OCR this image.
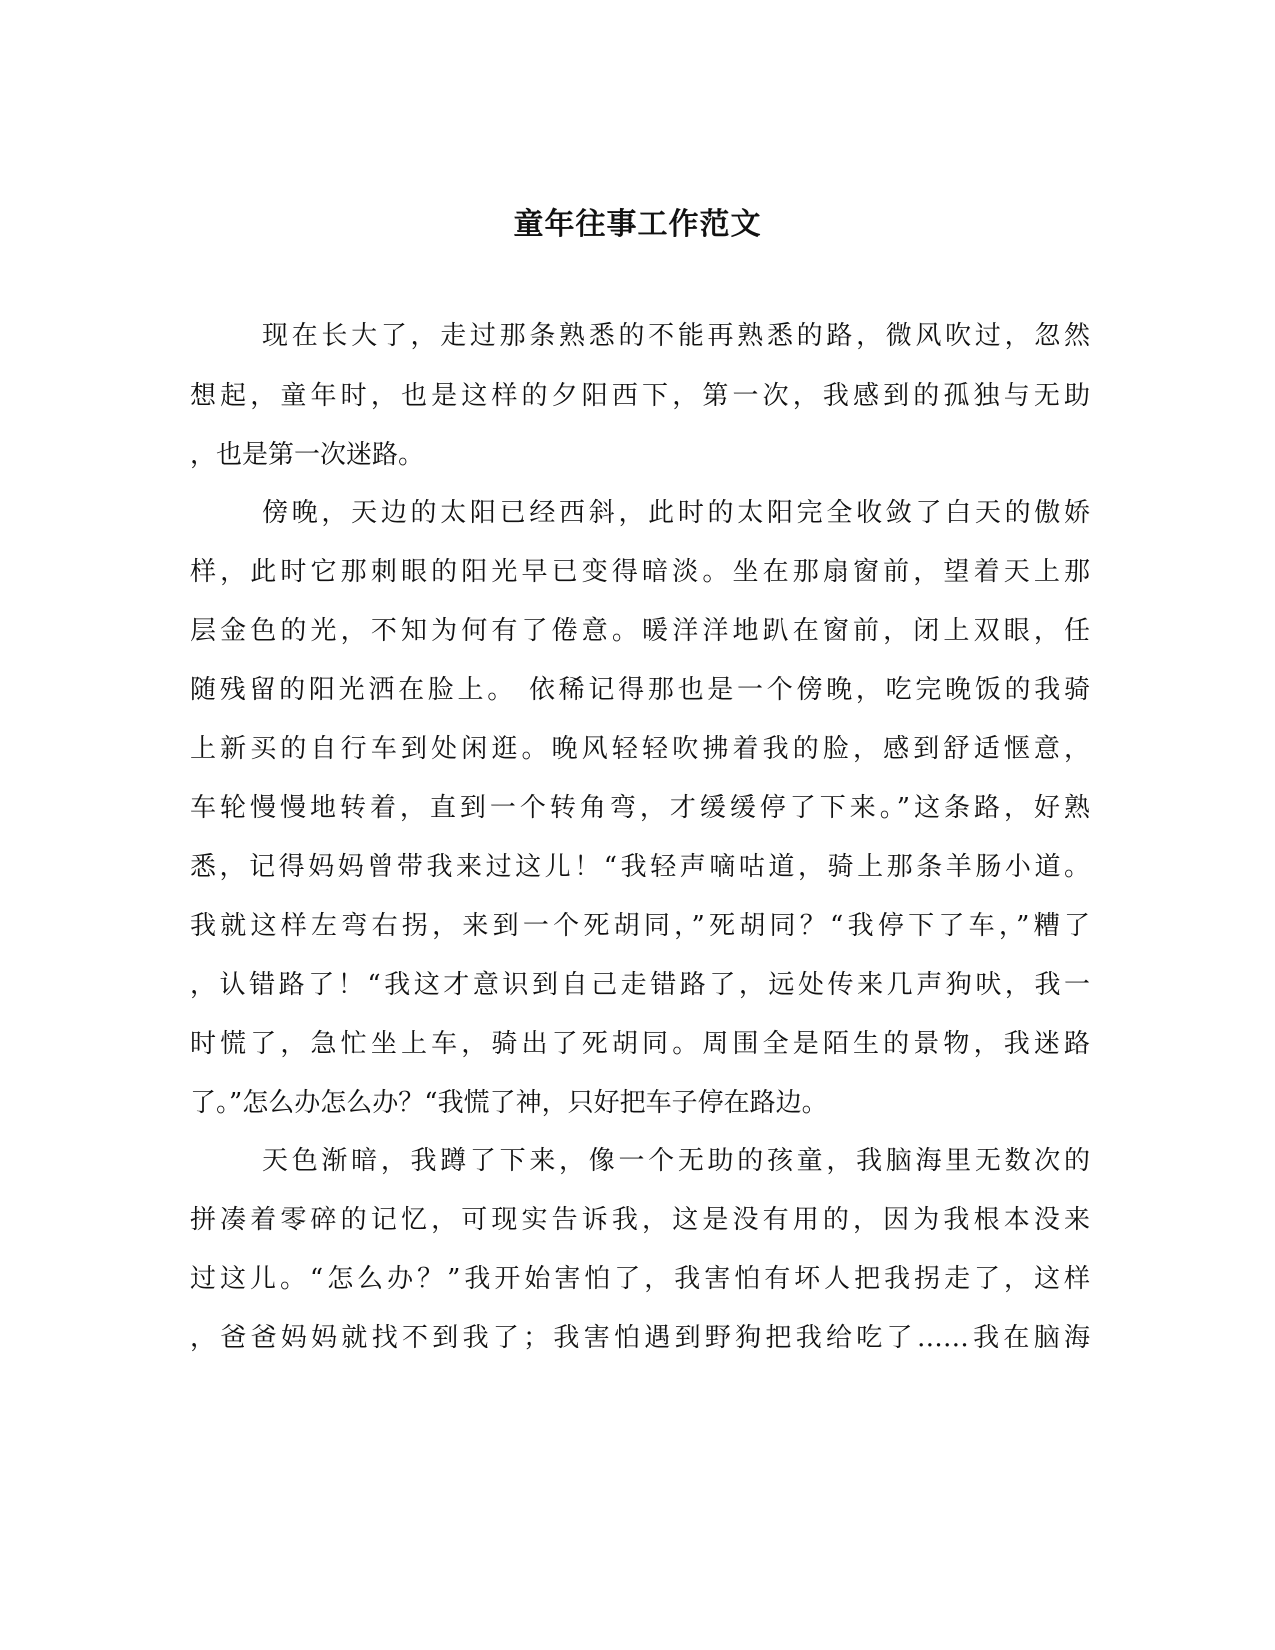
童年往事工作范文

现在长大了，走过那条熟悉的不能再熟悉的路，微风吹过，忽然

想起，童年时，也是这样的夕阳西下，第一次，我感到的孤独与无助

，也是第一次迷路。

傍晚，天边的太阳已经西斜，此时的太阳完全收敛了白天的傲娇

样，此时它那刺眼的阳光早已变得暗淡。坐在那扇窗前，望着天上那

层金色的光，不知为何有了倦意。暖洋洋地趴在窗前，闭上双眼，任

随残留的阳光洒在脸上。 依稀记得那也是一个傍晚，吃完晚饭的我骑

上新买的自行车到处闲逛。晚风轻轻吹拂着我的脸，感到舒适惬意，

车轮慢慢地转着，直到一个转角弯，才缓缓停了下来。”这条路，好熟

悉，记得妈妈曾带我来过这儿！“我轻声嘀咕道，骑上那条羊肠小道。

我就这样左弯右拐，来到一个死胡同，”死胡同？“我停下了车，”糟了

，认错路了！“我这才意识到自己走错路了，远处传来几声狗吠，我一

时慌了，急忙坐上车，骑出了死胡同。周围全是陌生的景物，我迷路

了。”怎么办怎么办？“我慌了神，只好把车子停在路边。

天色渐暗，我蹲了下来，像一个无助的孩童，我脑海里无数次的

拼凑着零碎的记忆，可现实告诉我，这是没有用的，因为我根本没来

过这儿。“怎么办？”我开始害怕了，我害怕有坏人把我拐走了，这样

，爸爸妈妈就找不到我了；我害怕遇到野狗把我给吃了……我在脑海
